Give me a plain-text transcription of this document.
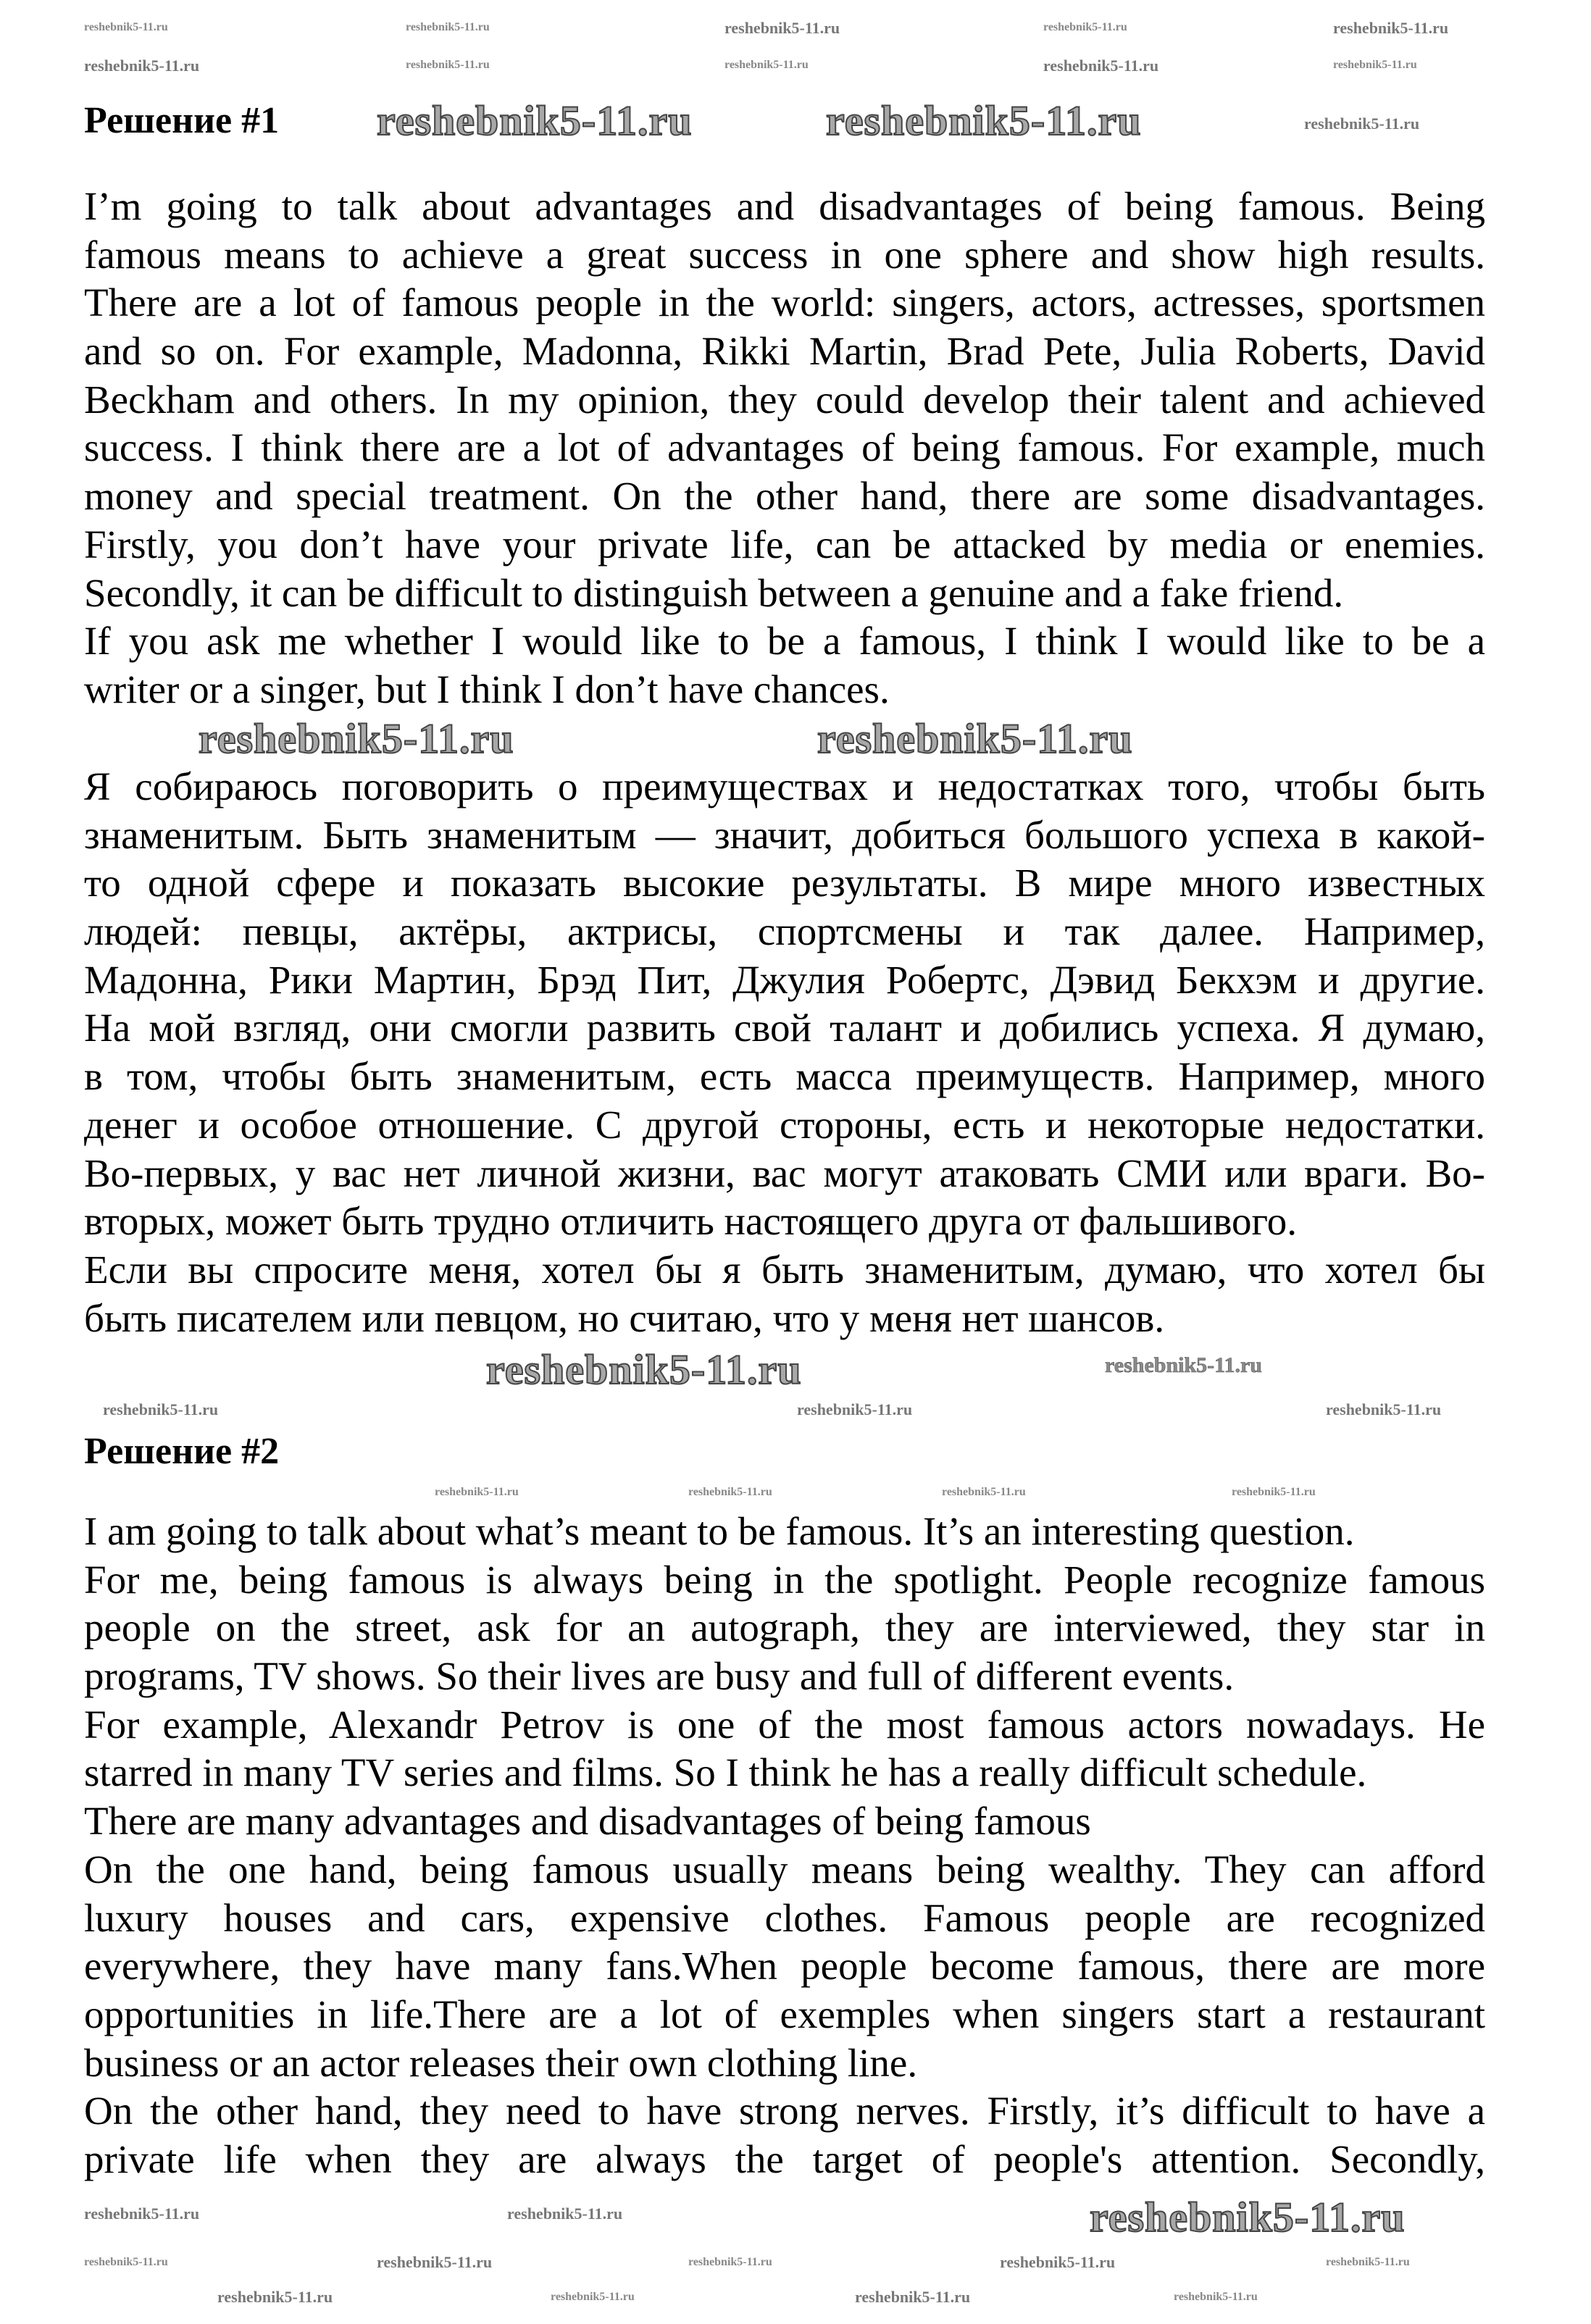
reshebnik5-11.ru	reshebnik5-11.ru	reshebnik5-11.ru	reshebnik5-11.ru	reshebnik5-11.ru
reshebnik5-11.ru	reshebnik5-11.ru	reshebnik5-11.ru	reshebnik5-11.ru	reshebnik5-11.ru
reshebnik5-11.ru	reshebnik5-11.ru	reshebnik5-11.ru
reshebnik5-11.ru	reshebnik5-11.ru
reshebnik5-11.ru	reshebnik5-11.ru
reshebnik5-11.ru	reshebnik5-11.ru	reshebnik5-11.ru
reshebnik5-11.ru	reshebnik5-11.ru	reshebnik5-11.ru	reshebnik5-11.ru
reshebnik5-11.ru
reshebnik5-11.ru	reshebnik5-11.ru
reshebnik5-11.ru	reshebnik5-11.ru	reshebnik5-11.ru	reshebnik5-11.ru	reshebnik5-11.ru
reshebnik5-11.ru	reshebnik5-11.ru	reshebnik5-11.ru	reshebnik5-11.ru
Решение #1
I’m going to talk about advantages and disadvantages of being famous. Being
famous means to achieve a great success in one sphere and show high results.
There are a lot of famous people in the world: singers, actors, actresses, sportsmen
and so on. For example, Madonna, Rikki Martin, Brad Pete, Julia Roberts, David
Beckham and others. In my opinion, they could develop their talent and achieved
success. I think there are a lot of advantages of being famous. For example, much
money and special treatment. On the other hand, there are some disadvantages.
Firstly, you don’t have your private life, can be attacked by media or enemies.
Secondly, it can be difficult to distinguish between a genuine and a fake friend.
If you ask me whether I would like to be a famous, I think I would like to be a
writer or a singer, but I think I don’t have chances.
Я собираюсь поговорить о преимуществах и недостатках того, чтобы быть
знаменитым. Быть знаменитым — значит, добиться большого успеха в какой-
то одной сфере и показать высокие результаты. В мире много известных
людей: певцы, актёры, актрисы, спортсмены и так далее. Например,
Мадонна, Рики Мартин, Брэд Пит, Джулия Робертс, Дэвид Бекхэм и другие.
На мой взгляд, они смогли развить свой талант и добились успеха. Я думаю,
в том, чтобы быть знаменитым, есть масса преимуществ. Например, много
денег и особое отношение. С другой стороны, есть и некоторые недостатки.
Во-первых, у вас нет личной жизни, вас могут атаковать СМИ или враги. Во-
вторых, может быть трудно отличить настоящего друга от фальшивого.
Если вы спросите меня, хотел бы я быть знаменитым, думаю, что хотел бы
быть писателем или певцом, но считаю, что у меня нет шансов.
Решение #2
I am going to talk about what’s meant to be famous. It’s an interesting question.
For me, being famous is always being in the spotlight. People recognize famous
people on the street, ask for an autograph, they are interviewed, they star in
programs, TV shows. So their lives are busy and full of different events.
For example, Alexandr Petrov is one of the most famous actors nowadays. He
starred in many TV series and films. So I think he has a really difficult schedule.
There are many advantages and disadvantages of being famous
On the one hand, being famous usually means being wealthy. They can afford
luxury houses and cars, expensive clothes. Famous people are recognized
everywhere, they have many fans.When people become famous, there are more
opportunities in life.There are a lot of exemples when singers start a restaurant
business or an actor releases their own clothing line.
On the other hand, they need to have strong nerves. Firstly, it’s difficult to have a
private life when they are always the target of people's attention. Secondly,
